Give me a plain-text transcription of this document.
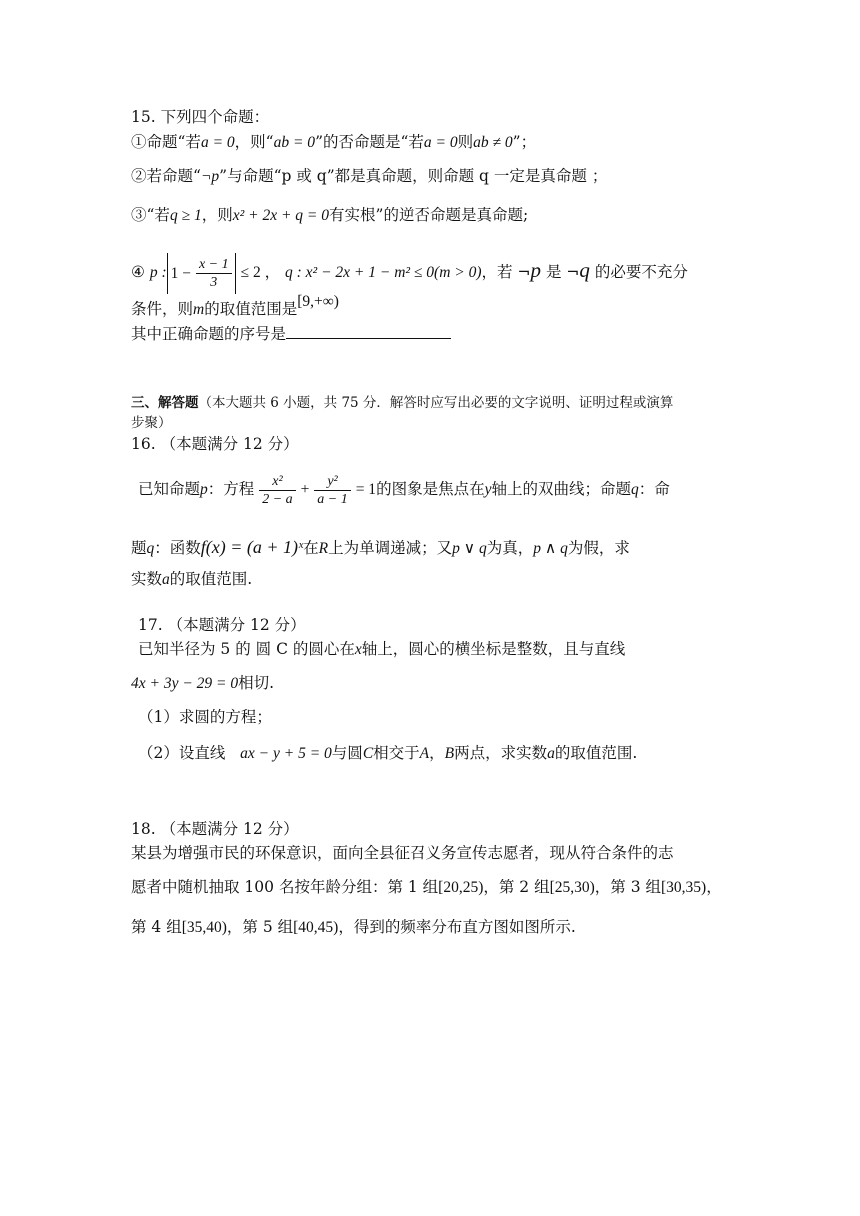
15. 下列四个命题：
①命题“若a = 0，则“ab = 0”的否命题是“若a = 0则ab ≠ 0”；
②若命题“¬p”与命题“p 或 q”都是真命题，则命题 q 一定是真命题 ；
③“若q ≥ 1，则x² + 2x + q = 0有实根”的逆否命题是真命题;
④ p : $1 - \frac{x - 1}{3} \le 2$ ， q : x² − 2x + 1 − m² ≤ 0(m > 0)，若 ¬p 是 ¬q 的必要不充分
条件，则m的取值范围是[9,+∞)
其中正确命题的序号是
三、解答题（本大题共 6 小题，共 75 分．解答时应写出必要的文字说明、证明过程或演算
步聚）
16. （本题满分 12 分）
已知命题p：方程 $\frac{\text{x²}}{2 - a} + \frac{\text{y²}}{a - 1} = 1$的图象是焦点在y轴上的双曲线；命题q：命
题q：函数f(x) = (a + 1)ˣ在R上为单调递减；又p ∨ q为真，p ∧ q为假，求
实数a的取值范围.
17. （本题满分 12 分）
已知半径为 5 的 圆 C 的圆心在x轴上，圆心的横坐标是整数，且与直线
4x + 3y − 29 = 0相切.
（1）求圆的方程；
（2）设直线 ax − y + 5 = 0与圆C相交于A，B两点，求实数a的取值范围.
18. （本题满分 12 分）
某县为增强市民的环保意识，面向全县征召义务宣传志愿者，现从符合条件的志
愿者中随机抽取 100 名按年龄分组：第 1 组[20,25)，第 2 组[25,30)，第 3 组[30,35)，
第 4 组[35,40)，第 5 组[40,45)，得到的频率分布直方图如图所示.
